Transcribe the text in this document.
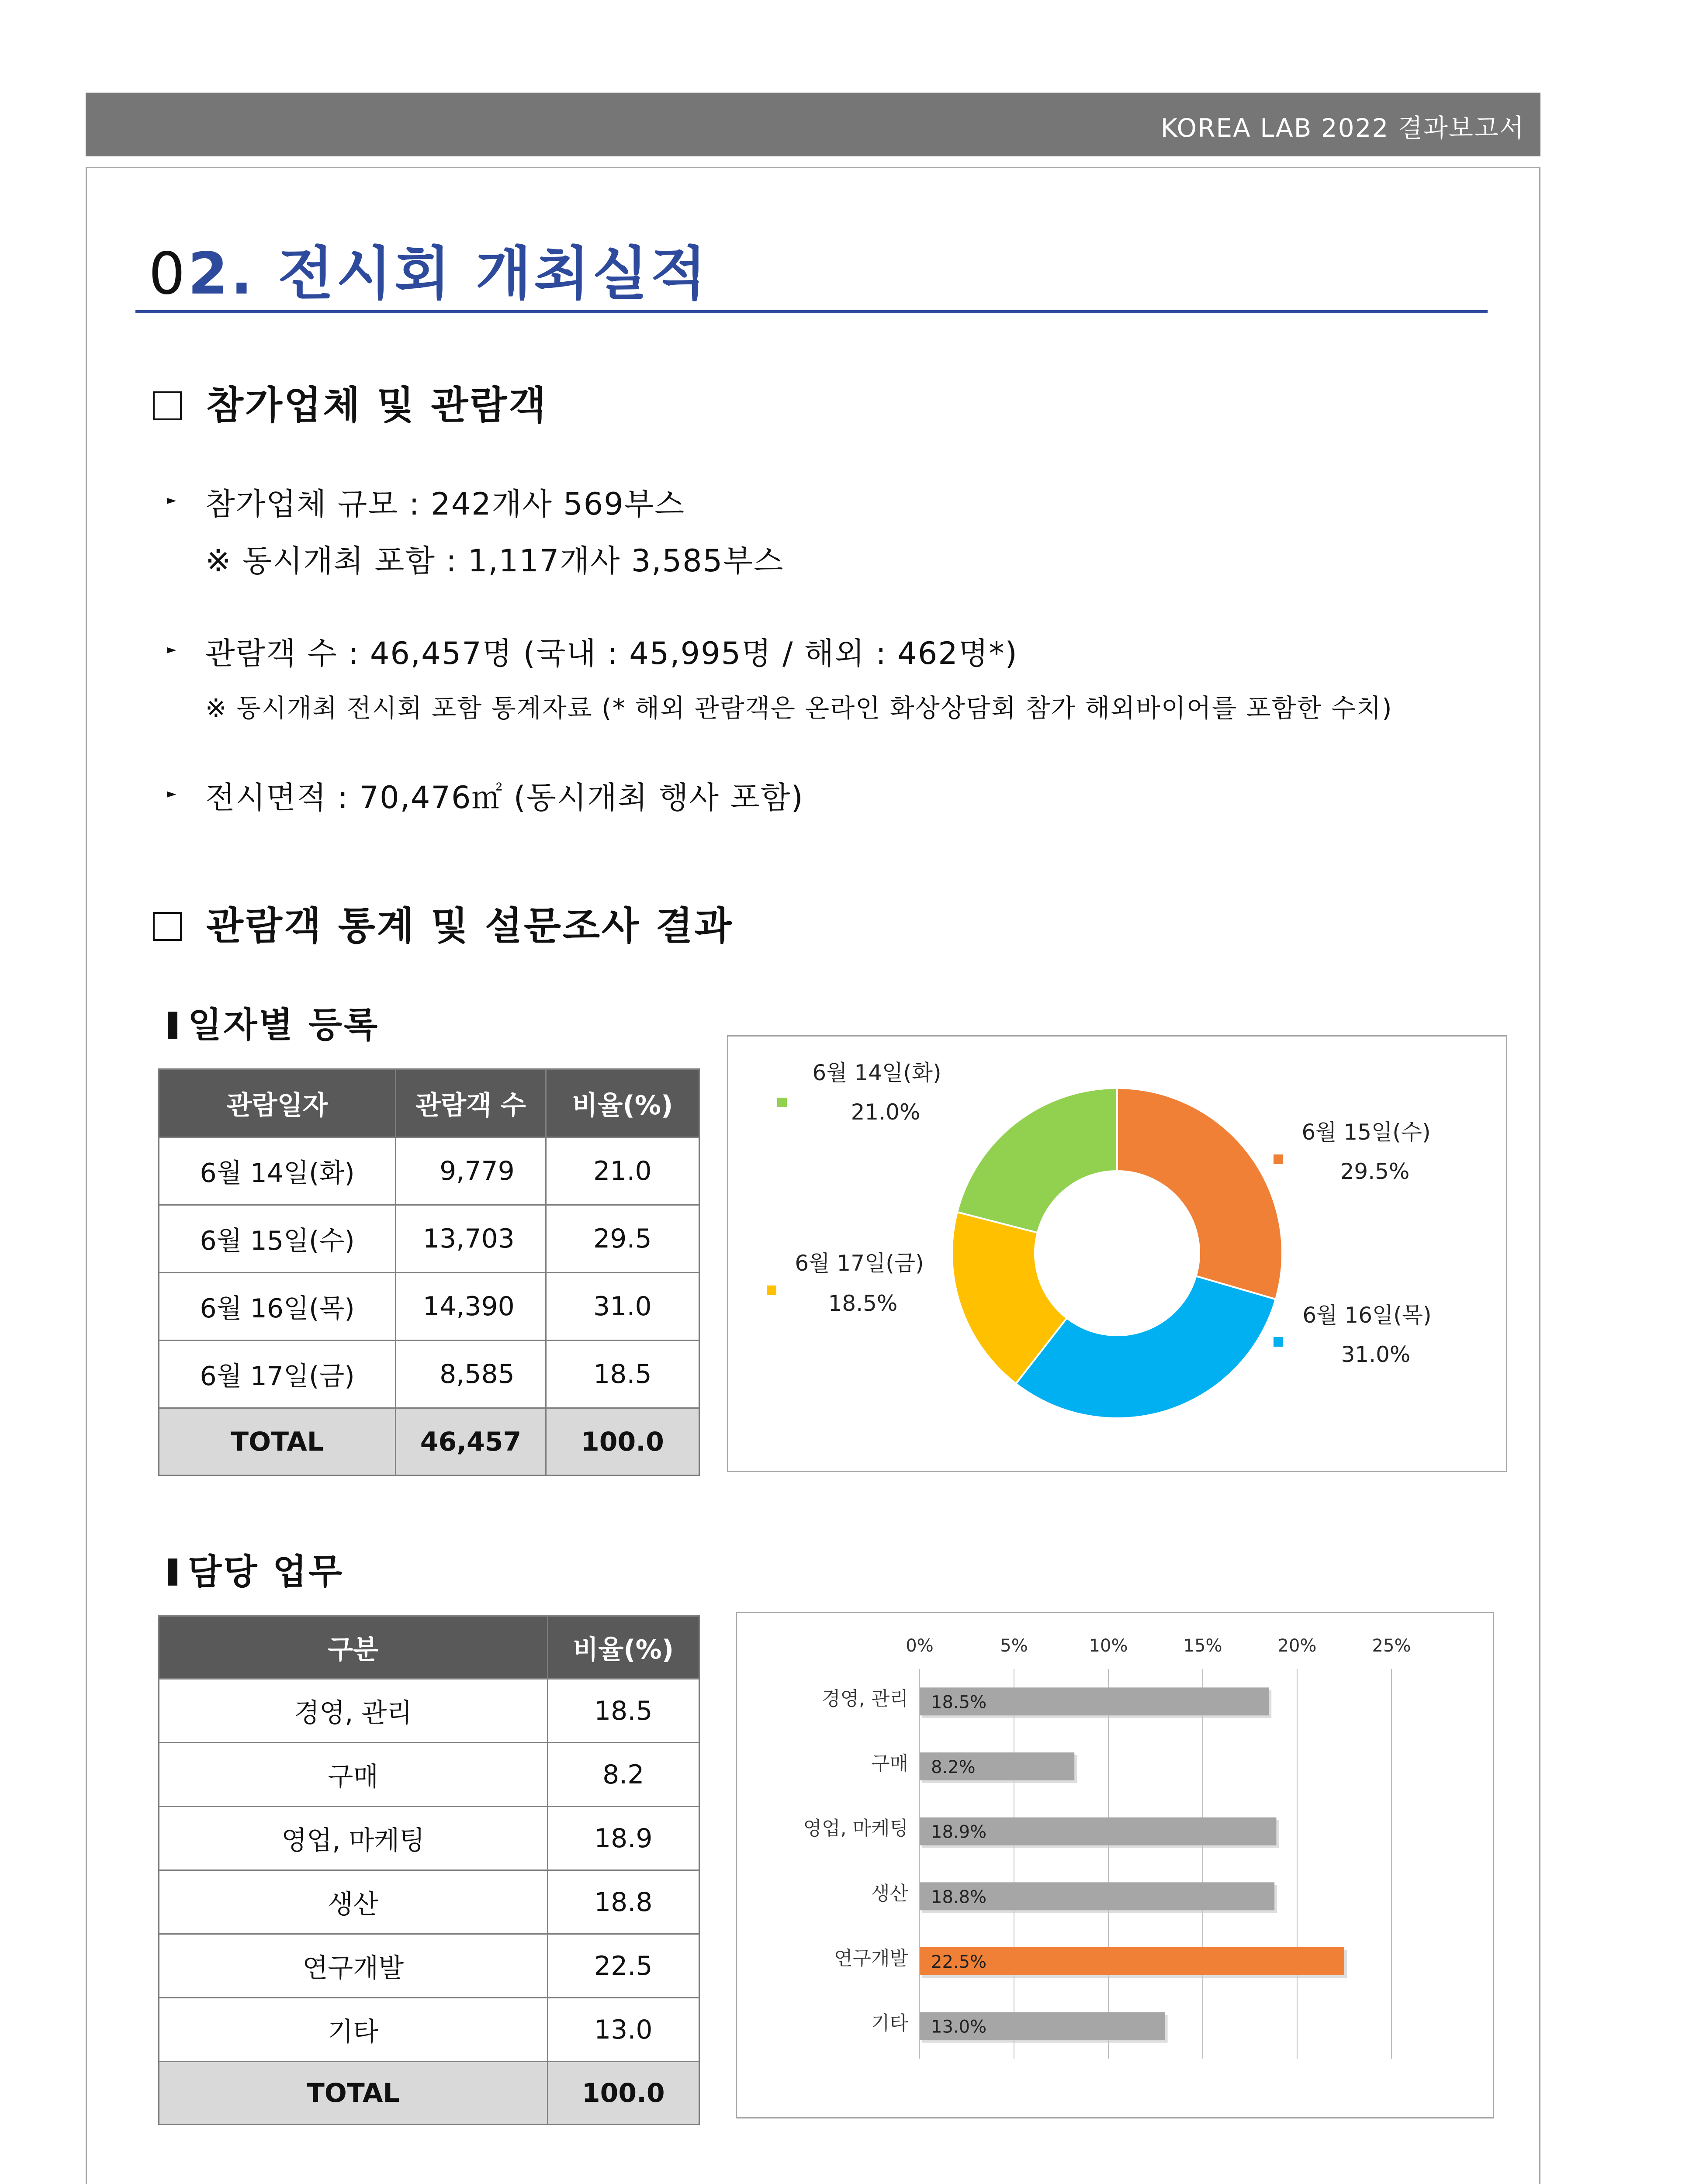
KOREA LAB 2022 결과보고서
02. 전시회 개최실적
참가업체 및 관람객
► 참가업체 규모 : 242개사 569부스
※ 동시개최 포함 : 1,117개사 3,585부스
► 관람객 수 : 46,457명 (국내 : 45,995명 / 해외 : 462명*)
※ 동시개최 전시회 포함 통계자료 (* 해외 관람객은 온라인 화상상담회 참가 해외바이어를 포함한 수치)
► 전시면적 : 70,476㎡ (동시개최 행사 포함)
관람객 통계 및 설문조사 결과
일자별 등록
관람일자	관람객 수	비율(%)
6월 14일(화)	9,779	21.0
6월 15일(수)	13,703	29.5
6월 16일(목)	14,390	31.0
6월 17일(금)	8,585	18.5
TOTAL	46,457	100.0
6월 14일(화)
21.0%
6월 15일(수)
29.5%
6월 16일(목)
31.0%
6월 17일(금)
18.5%
담당 업무
구분	비율(%)
경영, 관리	18.5
구매	8.2
영업, 마케팅	18.9
생산	18.8
연구개발	22.5
기타	13.0
TOTAL	100.0
0%	5%	10%	15%	20%	25%
18.5%
경영, 관리
8.2%
구매
18.9%
영업, 마케팅
18.8%
생산
22.5%
연구개발
13.0%
기타
